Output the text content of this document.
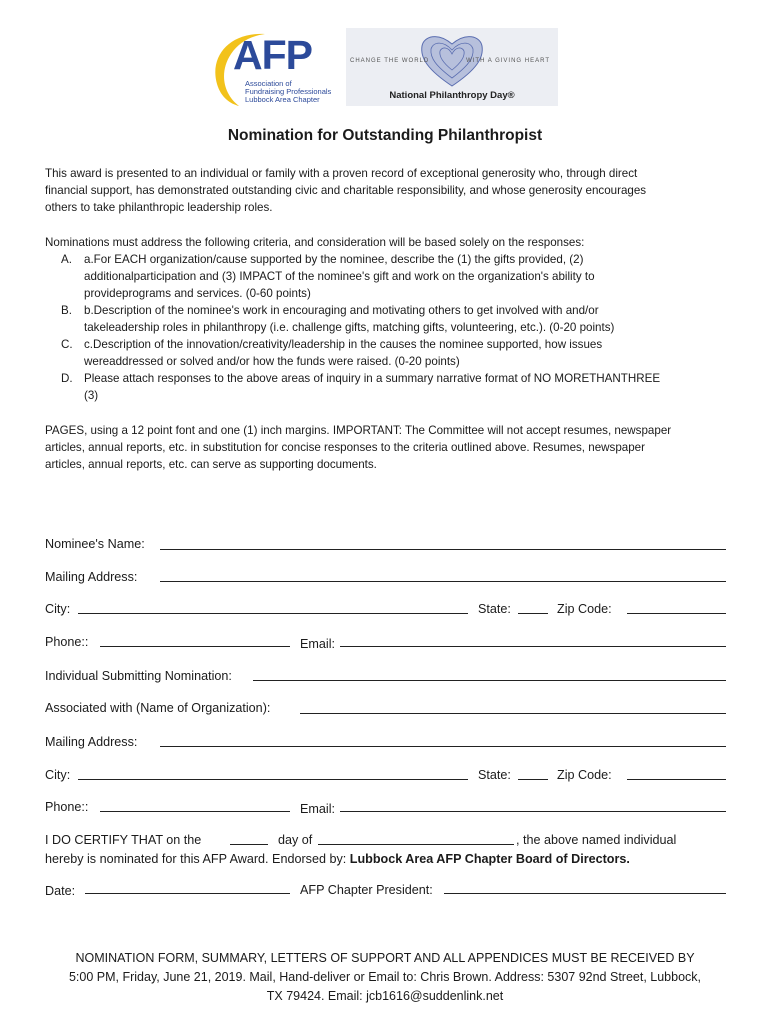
AFP
Association of
Fundraising Professionals
Lubbock Area Chapter
CHANGE THE WORLD	WITH A GIVING HEART
National Philanthropy Day®
Nomination for Outstanding Philanthropist
This award is presented to an individual or family with a proven record of exceptional generosity who, through direct
financial support, has demonstrated outstanding civic and charitable responsibility, and whose generosity encourages
others to take philanthropic leadership roles.
Nominations must address the following criteria, and consideration will be based solely on the responses:
A. a.For EACH organization/cause supported by the nominee, describe the (1) the gifts provided, (2)
additionalparticipation and (3) IMPACT of the nominee's gift and work on the organization's ability to
provideprograms and services. (0-60 points)
B. b.Description of the nominee's work in encouraging and motivating others to get involved with and/or
takeleadership roles in philanthropy (i.e. challenge gifts, matching gifts, volunteering, etc.). (0-20 points)
C. c.Description of the innovation/creativity/leadership in the causes the nominee supported, how issues
wereaddressed or solved and/or how the funds were raised. (0-20 points)
D. Please attach responses to the above areas of inquiry in a summary narrative format of NO MORETHANTHREE
(3)
PAGES, using a 12 point font and one (1) inch margins. IMPORTANT: The Committee will not accept resumes, newspaper
articles, annual reports, etc. in substitution for concise responses to the criteria outlined above. Resumes, newspaper
articles, annual reports, etc. can serve as supporting documents.
Nominee's Name:
Mailing Address:
City:	State:	Zip Code:
Phone::	Email:
Individual Submitting Nomination:
Associated with (Name of Organization):
Mailing Address:
City:	State:	Zip Code:
Phone::	Email:
I DO CERTIFY THAT on the	day of	, the above named individual
hereby is nominated for this AFP Award. Endorsed by: Lubbock Area AFP Chapter Board of Directors.
Date:	AFP Chapter President:
NOMINATION FORM, SUMMARY, LETTERS OF SUPPORT AND ALL APPENDICES MUST BE RECEIVED BY
5:00 PM, Friday, June 21, 2019. Mail, Hand-deliver or Email to: Chris Brown. Address: 5307 92nd Street, Lubbock,
TX 79424. Email: jcb1616@suddenlink.net
